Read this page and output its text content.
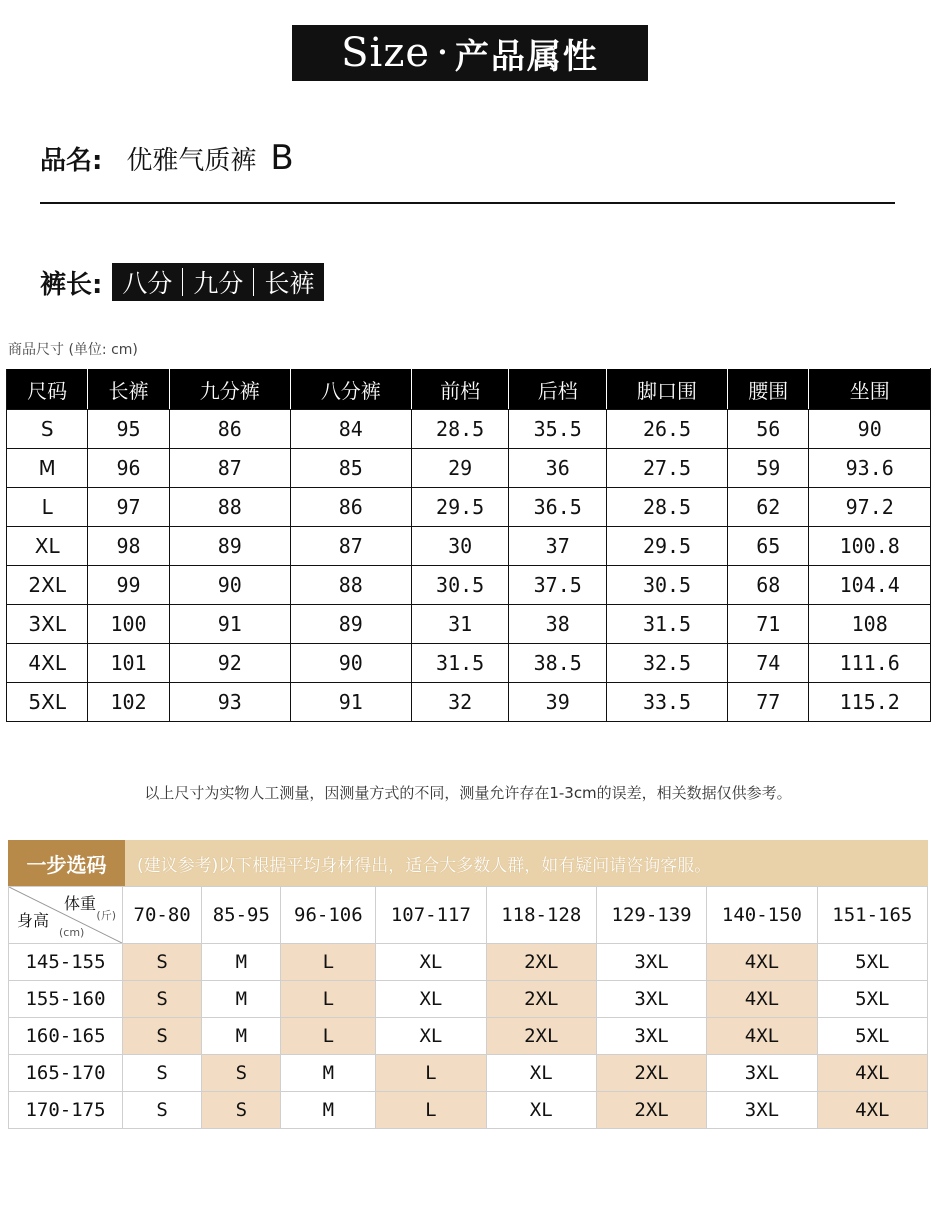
Size · 产品属性
品名: 优雅气质裤 B
裤长: 八分 九分 长裤
商品尺寸 (单位: cm)
尺码	长裤	九分裤	八分裤	前档	后档	脚口围	腰围	坐围
S	95	86	84	28.5	35.5	26.5	56	90
M	96	87	85	29	36	27.5	59	93.6
L	97	88	86	29.5	36.5	28.5	62	97.2
XL	98	89	87	30	37	29.5	65	100.8
2XL	99	90	88	30.5	37.5	30.5	68	104.4
3XL	100	91	89	31	38	31.5	71	108
4XL	101	92	90	31.5	38.5	32.5	74	111.6
5XL	102	93	91	32	39	33.5	77	115.2
以上尺寸为实物人工测量，因测量方式的不同，测量允许存在1-3cm的误差，相关数据仅供参考。
一步选码	(建议参考)以下根据平均身材得出，适合大多数人群，如有疑问请咨询客服。
体重
(斤)
身高
(cm)	70-80	85-95	96-106	107-117	118-128	129-139	140-150	151-165
145-155	S	M	L	XL	2XL	3XL	4XL	5XL
155-160	S	M	L	XL	2XL	3XL	4XL	5XL
160-165	S	M	L	XL	2XL	3XL	4XL	5XL
165-170	S	S	M	L	XL	2XL	3XL	4XL
170-175	S	S	M	L	XL	2XL	3XL	4XL
